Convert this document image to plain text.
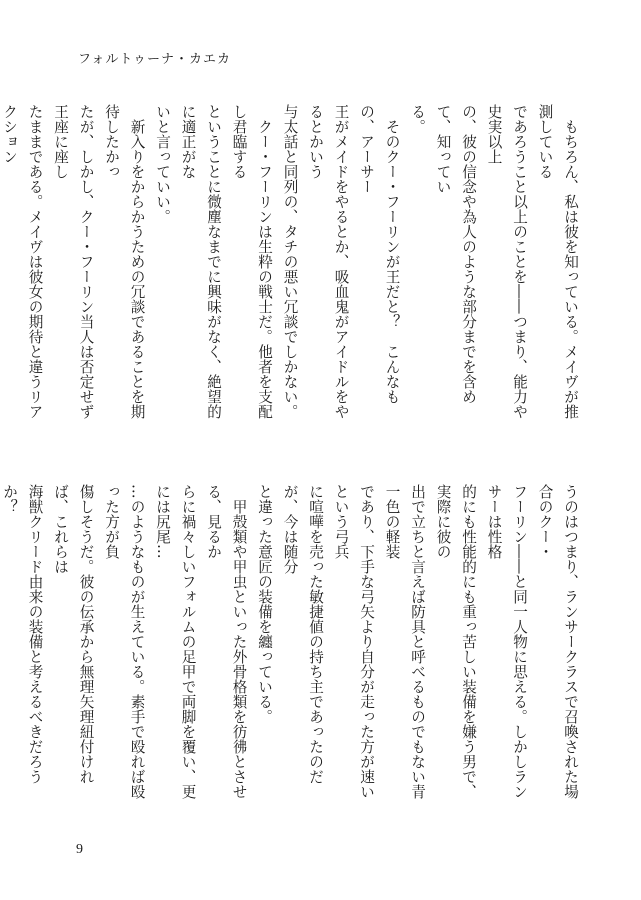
フォルトゥーナ・カエカ

　もちろん、私は彼を知っている。メイヴが推測している

であろうこと以上のことを――つまり、能力や史実以上

の、彼の信念や為人のような部分までを含めて、知ってい

る。

　そのクー・フーリンが王だと？　こんなもの、アーサー

王がメイドをやるとか、吸血鬼がアイドルをやるとかいう

与太話と同列の、タチの悪い冗談でしかない。

　クー・フーリンは生粋の戦士だ。他者を支配し君臨する

ということに微塵なまでに興味がなく、絶望的に適正がな

いと言っていい。

　新入りをからかうための冗談であることを期待したかっ

たが、しかし、クー・フーリン当人は否定せず王座に座し

たままである。メイヴは彼女の期待と違うリアクション

うのはつまり、ランサークラスで召喚された場合のクー・

フーリン――と同一人物に思える。しかしランサーは性格

的にも性能的にも重っ苦しい装備を嫌う男で、実際に彼の

出で立ちと言えば防具と呼べるものでもない青一色の軽装

であり、下手な弓矢より自分が走った方が速いという弓兵

に喧嘩を売った敏捷値の持ち主であったのだが、今は随分

と違った意匠の装備を纏っている。

　甲殻類や甲虫といった外骨格類を彷彿とさせる、見るか

らに禍々しいフォルムの足甲で両脚を覆い、更には尻尾…

…のようなものが生えている。素手で殴れば殴った方が負

傷しそうだ。彼の伝承から無理矢理紐付ければ、これらは

海獣クリード由来の装備と考えるべきだろうか？

9
